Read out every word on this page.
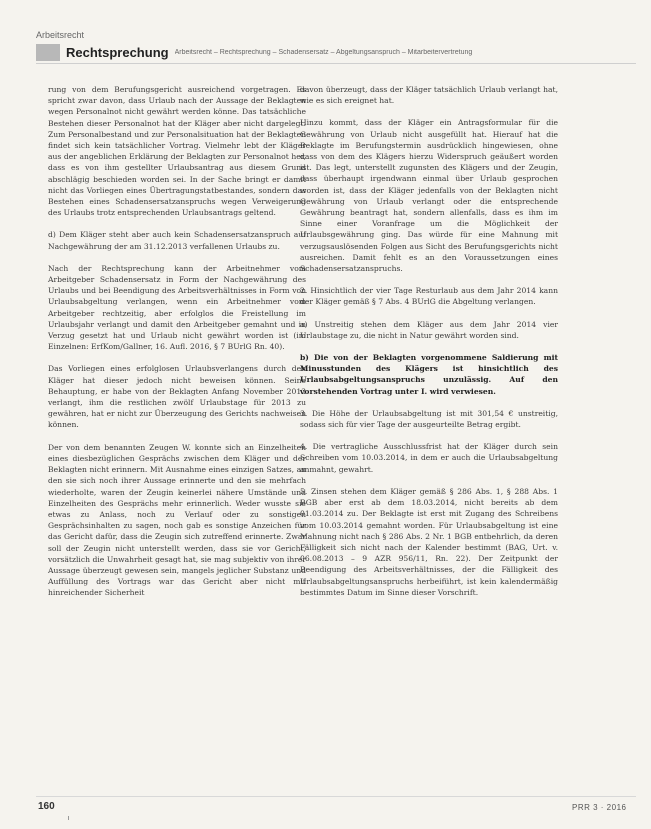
Arbeitsrecht
Rechtsprechung Arbeitsrecht – Rechtsprechung – Schadensersatz – Abgeltungsanspruch – Mitarbeitervertretung

rung von dem Berufungsgericht ausreichend vorgetragen. Es spricht zwar davon, dass Urlaub nach der Aussage der Beklagten wegen Personalnot nicht gewährt werden könne. Das tatsächliche Bestehen dieser Personalnot hat der Kläger aber nicht dargelegt. Zum Personalbestand und zur Personalsituation hat der Beklagten findet sich kein tatsächlicher Vortrag. Vielmehr lebt der Kläger aus der angeblichen Erklärung der Beklagten zur Personalnot her, dass es von ihm gestellter Urlaubsantrag aus diesem Grund abschlägig beschieden worden sei. In der Sache bringt er damit nicht das Vorliegen eines Übertragungstatbestandes, sondern das Bestehen eines Schadensersatzanspruchs wegen Verweigerung des Urlaubs trotz entsprechenden Urlaubsantrags geltend.

d) Dem Kläger steht aber auch kein Schadensersatzanspruch auf Nachgewährung der am 31.12.2013 verfallenen Urlaubs zu.

Nach der Rechtsprechung kann der Arbeitnehmer vom Arbeitgeber Schadensersatz in Form der Nachgewährung des Urlaubs und bei Beendigung des Arbeitsverhältnisses in Form von Urlaubsabgeltung verlangen, wenn ein Arbeitnehmer vom Arbeitgeber rechtzeitig, aber erfolglos die Freistellung im Urlaubsjahr verlangt und damit den Arbeitgeber gemahnt und in Verzug gesetzt hat und Urlaub nicht gewährt worden ist (im Einzelnen: ErfKom/Gallner, 16. Aufl. 2016, § 7 BUrlG Rn. 40).

Das Vorliegen eines erfolglosen Urlaubsverlangens durch den Kläger hat dieser jedoch nicht beweisen können. Seine Behauptung, er habe von der Beklagten Anfang November 2013 verlangt, ihm die restlichen zwölf Urlaubstage für 2013 zu gewähren, hat er nicht zur Überzeugung des Gerichts nachweisen können.

Der von dem benannten Zeugen W. konnte sich an Einzelheiten eines diesbezüglichen Gesprächs zwischen dem Kläger und der Beklagten nicht erinnern. Mit Ausnahme eines einzigen Satzes, an den sie sich noch ihrer Aussage erinnerte und den sie mehrfach wiederholte, waren der Zeugin keinerlei nähere Umstände und Einzelheiten des Gesprächs mehr erinnerlich. Weder wusste sie etwas zu Anlass, noch zu Verlauf oder zu sonstigen Gesprächsinhalten zu sagen, noch gab es sonstige Anzeichen für das Gericht dafür, dass die Zeugin sich zutreffend erinnerte. Zwar soll der Zeugin nicht unterstellt werden, dass sie vor Gericht, vorsätzlich die Unwahrheit gesagt hat, sie mag subjektiv von ihrer Aussage überzeugt gewesen sein, mangels jeglicher Substanz und Auffüllung des Vortrags war das Gericht aber nicht mit hinreichender Sicherheit

davon überzeugt, dass der Kläger tatsächlich Urlaub verlangt hat, wie es sich ereignet hat.

Hinzu kommt, dass der Kläger ein Antragsformular für die Gewährung von Urlaub nicht ausgefüllt hat. Hierauf hat die Beklagte im Berufungstermin ausdrücklich hingewiesen, ohne dass von dem des Klägers hierzu Widerspruch geäußert worden ist. Das legt, unterstellt zugunsten des Klägers und der Zeugin, dass überhaupt irgendwann einmal über Urlaub gesprochen worden ist, dass der Kläger jedenfalls von der Beklagten nicht Gewährung von Urlaub verlangt oder die entsprechende Gewährung beantragt hat, sondern allenfalls, dass es ihm im Sinne einer Voranfrage um die Möglichkeit der Urlaubsgewährung ging. Das würde für eine Mahnung mit verzugsauslösenden Folgen aus Sicht des Berufungsgerichts nicht ausreichen. Damit fehlt es an den Voraussetzungen eines Schadensersatzanspruchs.

2. Hinsichtlich der vier Tage Resturlaub aus dem Jahr 2014 kann der Kläger gemäß § 7 Abs. 4 BUrlG die Abgeltung verlangen.

a) Unstreitig stehen dem Kläger aus dem Jahr 2014 vier Urlaubstage zu, die nicht in Natur gewährt worden sind.

b) Die von der Beklagten vorgenommene Saldierung mit Minusstunden des Klägers ist hinsichtlich des Urlaubsabgeltungsanspruchs unzulässig. Auf den vorstehenden Vortrag unter I. wird verwiesen.

3. Die Höhe der Urlaubsabgeltung ist mit 301,54 € unstreitig, sodass sich für vier Tage der ausgeurteilte Betrag ergibt.

4. Die vertragliche Ausschlussfrist hat der Kläger durch sein Schreiben vom 10.03.2014, in dem er auch die Urlaubsabgeltung anmahnt, gewahrt.

5. Zinsen stehen dem Kläger gemäß § 286 Abs. 1, § 288 Abs. 1 BGB aber erst ab dem 18.03.2014, nicht bereits ab dem 01.03.2014 zu. Der Beklagte ist erst mit Zugang des Schreibens vom 10.03.2014 gemahnt worden. Für Urlaubsabgeltung ist eine Mahnung nicht nach § 286 Abs. 2 Nr. 1 BGB entbehrlich, da deren Fälligkeit sich nicht nach der Kalender bestimmt (BAG, Urt. v. 06.08.2013 – 9 AZR 956/11, Rn. 22). Der Zeitpunkt der Beendigung des Arbeitsverhältnisses, der die Fälligkeit des Urlaubsabgeltungsanspruchs herbeiführt, ist kein kalendermäßig bestimmtes Datum im Sinne dieser Vorschrift.

160	PRR 3 · 2016
